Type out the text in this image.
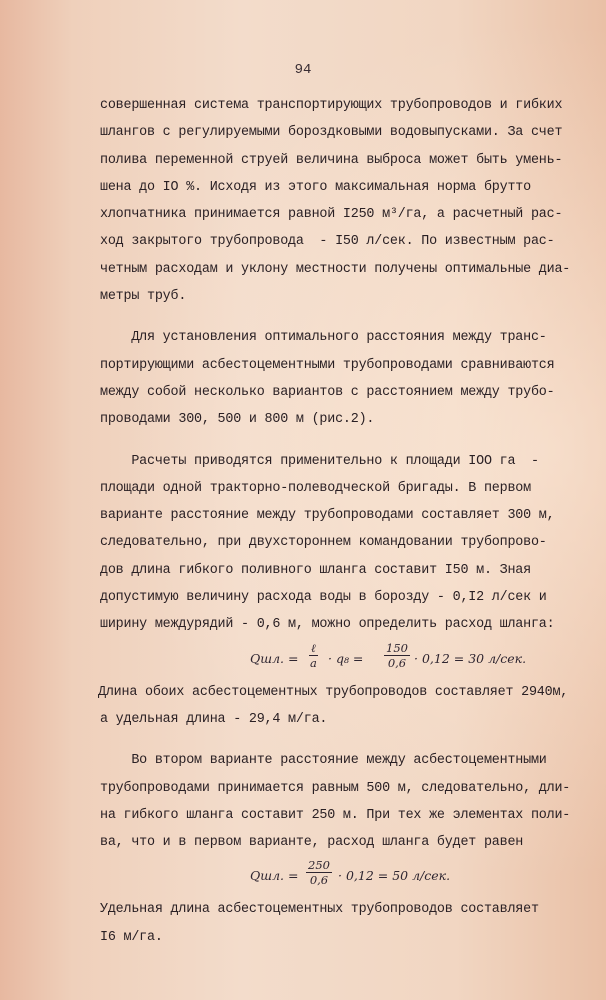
94
совершенная система транспортирующих трубопроводов и гибких
шлангов с регулируемыми бороздковыми водовыпусками. За счет
полива переменной струей величина выброса может быть умень-
шена до IO %. Исходя из этого максимальная норма брутто
хлопчатника принимается равной I250 м³/га, а расчетный рас-
ход закрытого трубопровода  - I50 л/сек. По известным рас-
четным расходам и уклону местности получены оптимальные диа-
метры труб.
Для установления оптимального расстояния между транс-
портирующими асбестоцементными трубопроводами сравниваются
между собой несколько вариантов с расстоянием между трубо-
проводами 300, 500 и 800 м (рис.2).
Расчеты приводятся применительно к площади IOO га  -
площади одной тракторно-полеводческой бригады. В первом
варианте расстояние между трубопроводами составляет 300 м,
следовательно, при двухстороннем командовании трубопрово-
дов длина гибкого поливного шланга составит I50 м. Зная
допустимую величину расхода воды в борозду - 0,I2 л/сек и
ширину междурядий - 0,6 м, можно определить расход шланга:
Qшл. =
ℓ
$a \cdot q_8 = \frac{150}{0,6} \cdot 0,12 = 30$ л/сек.
Длина обоих асбестоцементных трубопроводов составляет 2940м,
а удельная длина - 29,4 м/га.
Во втором варианте расстояние между асбестоцементными
трубопроводами принимается равным 500 м, следовательно, дли-
на гибкого шланга составит 250 м. При тех же элементах поли-
ва, что и в первом варианте, расход шланга будет равен
Qшл. = $\frac{250}{0,6} \cdot 0,12 = 50$ л/сек.
Удельная длина асбестоцементных трубопроводов составляет
I6 м/га.
